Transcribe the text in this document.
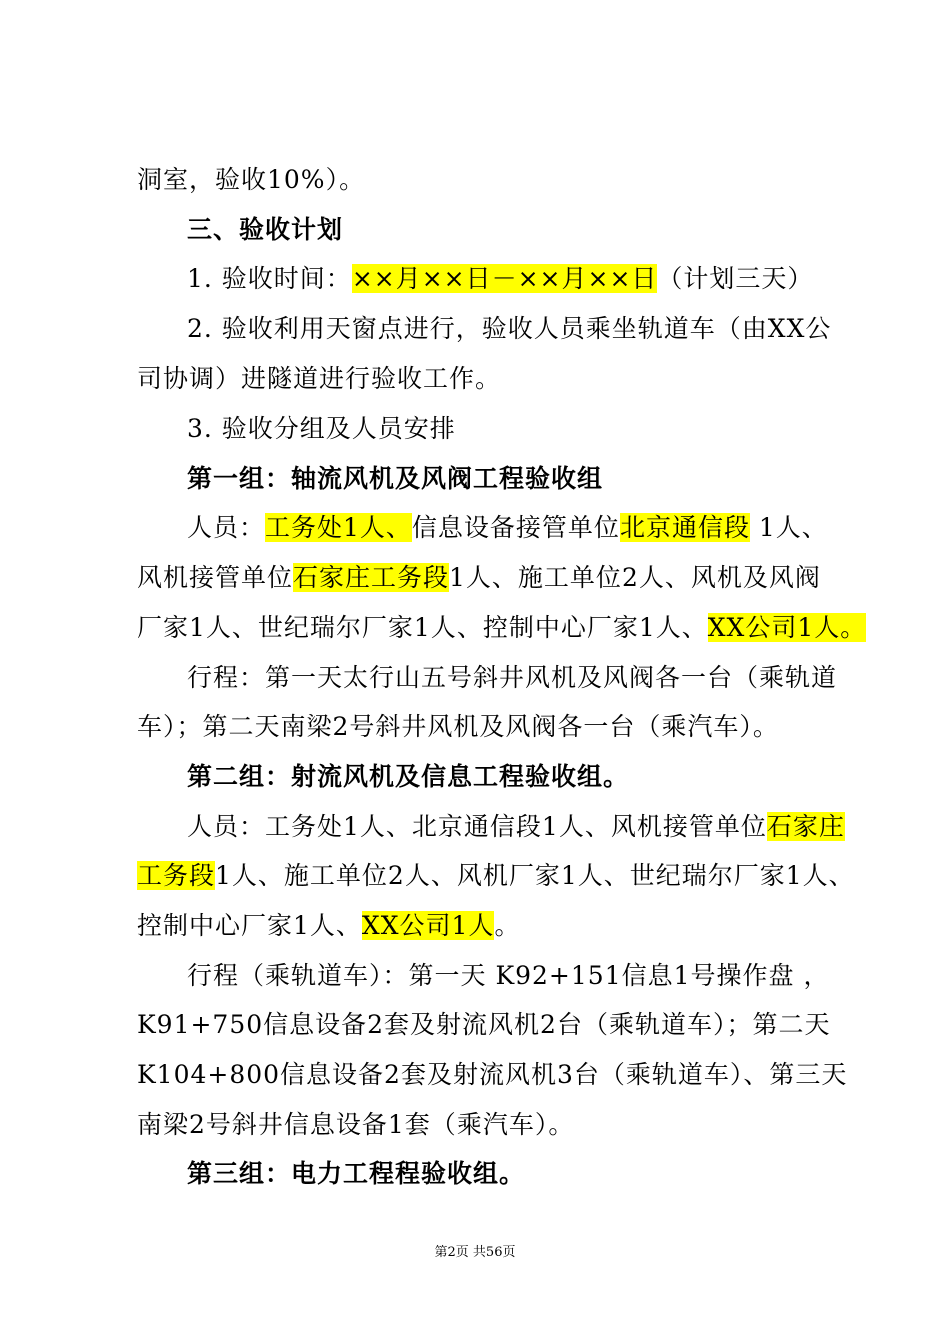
洞室，验收10%）。
三、验收计划
1. 验收时间：××月××日－××月××日（计划三天）
2. 验收利用天窗点进行，验收人员乘坐轨道车（由XX公
司协调）进隧道进行验收工作。
3. 验收分组及人员安排
第一组：轴流风机及风阀工程验收组
人员：工务处1人、信息设备接管单位北京通信段 1人、
风机接管单位石家庄工务段1人、施工单位2人、风机及风阀
厂家1人、世纪瑞尔厂家1人、控制中心厂家1人、XX公司1人。
行程：第一天太行山五号斜井风机及风阀各一台（乘轨道
车）；第二天南梁2号斜井风机及风阀各一台（乘汽车）。
第二组：射流风机及信息工程验收组。
人员：工务处1人、北京通信段1人、风机接管单位石家庄
工务段1人、施工单位2人、风机厂家1人、世纪瑞尔厂家1人、
控制中心厂家1人、XX公司1人。
行程（乘轨道车）：第一天 K92+151信息1号操作盘 ，
K91+750信息设备2套及射流风机2台（乘轨道车）；第二天
K104+800信息设备2套及射流风机3台（乘轨道车）、第三天
南梁2号斜井信息设备1套（乘汽车）。
第三组：电力工程程验收组。
第2页 共56页
